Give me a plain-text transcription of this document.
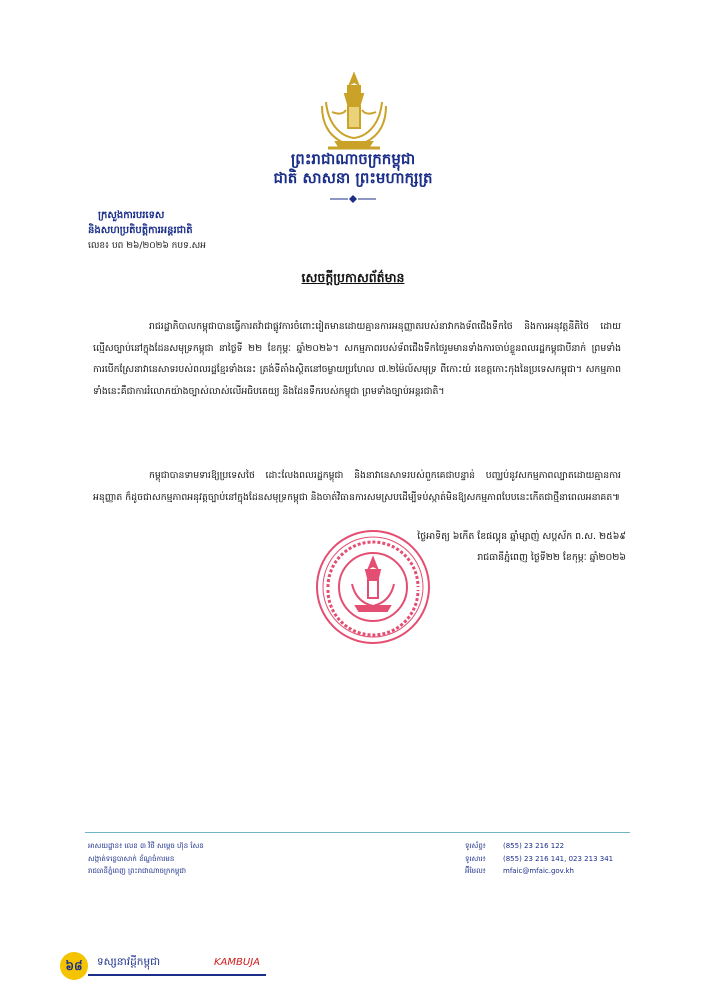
ព្រះរាជាណាចក្រកម្ពុជា
ជាតិ សាសនា ព្រះមហាក្សត្រ
ក្រសួងការបរទេស
និងសហប្រតិបត្តិការអន្តរជាតិ
លេខ៖ បព ២៦/២០២៦ កបទ.សអ
សេចក្តីប្រកាសព័ត៌មាន
រាជរដ្ឋាភិបាលកម្ពុជាបានធ្វើការតវ៉ាជាផ្លូវការចំពោះរៀតមានដោយគ្មានការអនុញ្ញាតរបស់នាវាកងទ័ពជើងទឹកថៃ និងការអនុវត្តនីតិថៃ ដោយល្មើសច្បាប់នៅក្នុងដែនសមុទ្រកម្ពុជា នាថ្ងៃទី ២២ ខែកុម្ភៈ ឆ្នាំ២០២៦។ សកម្មភាពរបស់ទ័ពជើងទឹកថៃរួមមានទាំងការចាប់ខ្លួនពលរដ្ឋកម្ពុជាបីនាក់ ព្រមទាំងការបើកស្រែនាវានេសាទរបស់ពលរដ្ឋខ្មែរទាំងនេះ ត្រង់ទីតាំងស្ថិតនៅចម្ងាយប្រហែល ៧.២ម៉ៃល៍សមុទ្រ ពីកោះយ៉ រខេត្តកោះកុងនៃប្រទេសកម្ពុជា។ សកម្មភាពទាំងនេះគឺជាការរំលោភយ៉ាងច្បាស់លាស់លើអធិបតេយ្យ និងដែនទឹករបស់កម្ពុជា ព្រមទាំងច្បាប់អន្តរជាតិ។
កម្ពុជាបានទាមទារឱ្យប្រទេសថៃ ដោះលែងពលរដ្ឋកម្ពុជា និងនាវានេសាទរបស់ពួកគេជាបន្ទាន់ បញ្ឈប់នូវសកម្មភាពល្បាតដោយគ្មានការអនុញ្ញាត ក៏ដូចជាសកម្មភាពអនុវត្តច្បាប់នៅក្នុងដែនសមុទ្រកម្ពុជា និងចាត់វិធានការសមស្របដើម្បីទប់ស្កាត់មិនឱ្យសកម្មភាពបែបនេះកើតជាថ្មីនាពេលអនាគត៕
ថ្ងៃអាទិត្យ ៦កើត ខែផល្គុន ឆ្នាំម្សាញ់ សប្តស័ក ព.ស. ២៥៦៩
រាជធានីភ្នំពេញ ថ្ងៃទី២២ ខែកុម្ភៈ ឆ្នាំ២០២៦
អាសយដ្ឋាន៖ លេខ ៣ វិថី សម្តេច ហ៊ុន សែន
សង្កាត់ទន្លេបាសាក់ ខ័ណ្ឌចំការមន
រាជធានីភ្នំពេញ ព្រះរាជាណាចក្រកម្ពុជា
ទូរស័ព្ទ៖ (855) 23 216 122
ទូរសារ៖ (855) 23 216 141, 023 213 341
អ៊ីមែល៖ mfaic@mfaic.gov.kh
៦៨	ទស្សនាវដ្តីកម្ពុជា	KAMBUJA
